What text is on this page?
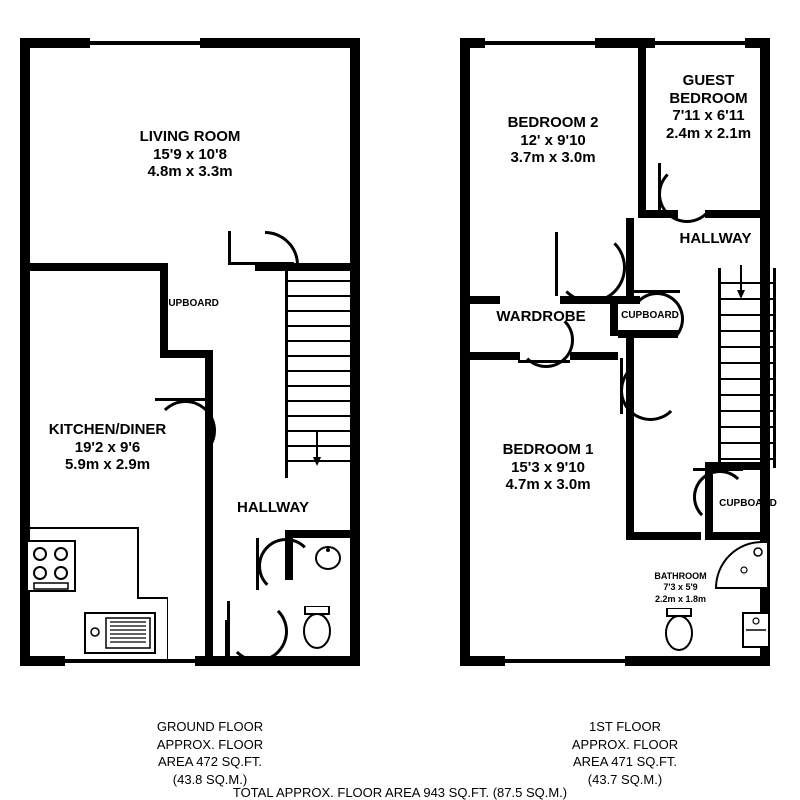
LIVING ROOM
15'9 x 10'8
4.8m x 3.3m
KITCHEN/DINER
19'2 x 9'6
5.9m x 2.9m
HALLWAY
CUPBOARD
BEDROOM 2
12' x 9'10
3.7m x 3.0m
GUEST
BEDROOM
7'11 x 6'11
2.4m x 2.1m
HALLWAY
WARDROBE	CUPBOARD
BEDROOM 1
15'3 x 9'10
4.7m x 3.0m
CUPBOARD
BATHROOM
7'3 x 5'9
2.2m x 1.8m
GROUND FLOOR
APPROX. FLOOR
AREA 472 SQ.FT.
(43.8 SQ.M.)
1ST FLOOR
APPROX. FLOOR
AREA 471 SQ.FT.
(43.7 SQ.M.)
TOTAL APPROX. FLOOR AREA 943 SQ.FT. (87.5 SQ.M.)
